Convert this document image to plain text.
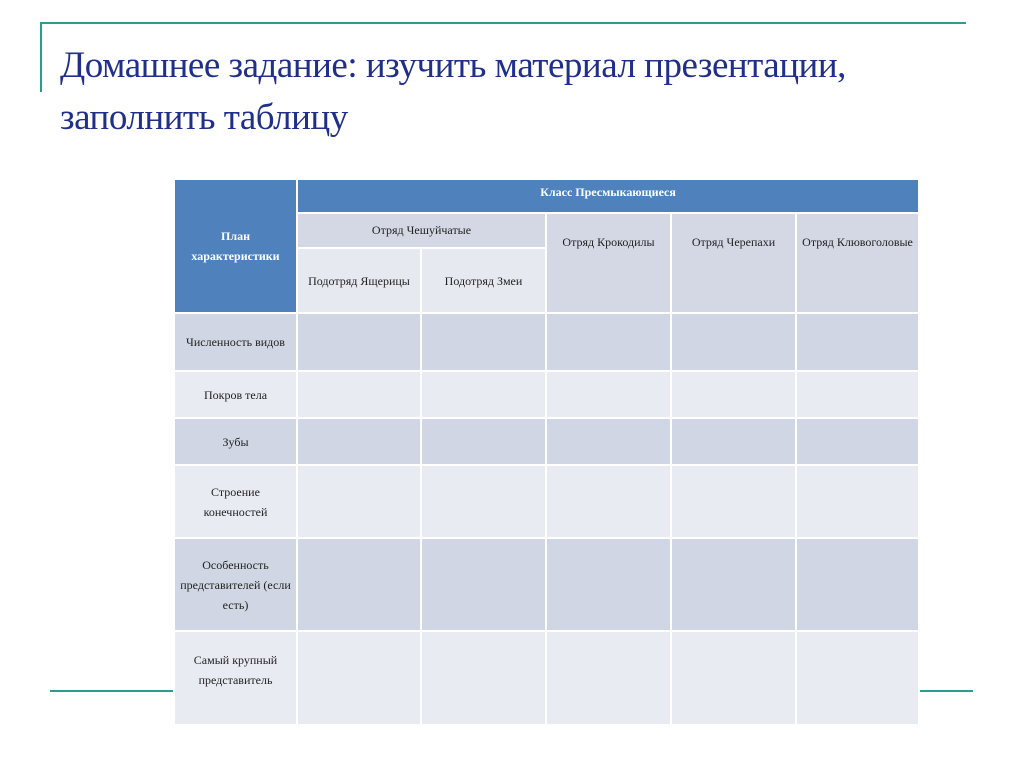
Домашнее задание: изучить материал презентации, заполнить таблицу
План характеристики	Класс Пресмыкающиеся				
	Отряд Чешуйчатые		Отряд Крокодилы	Отряд Черепахи	Отряд Клювоголовые
	Подотряд Ящерицы	Подотряд Змеи			
Численность видов					
Покров тела					
Зубы					
Строение конечностей					
Особенность представителей (если есть)					
Самый крупный представитель					
